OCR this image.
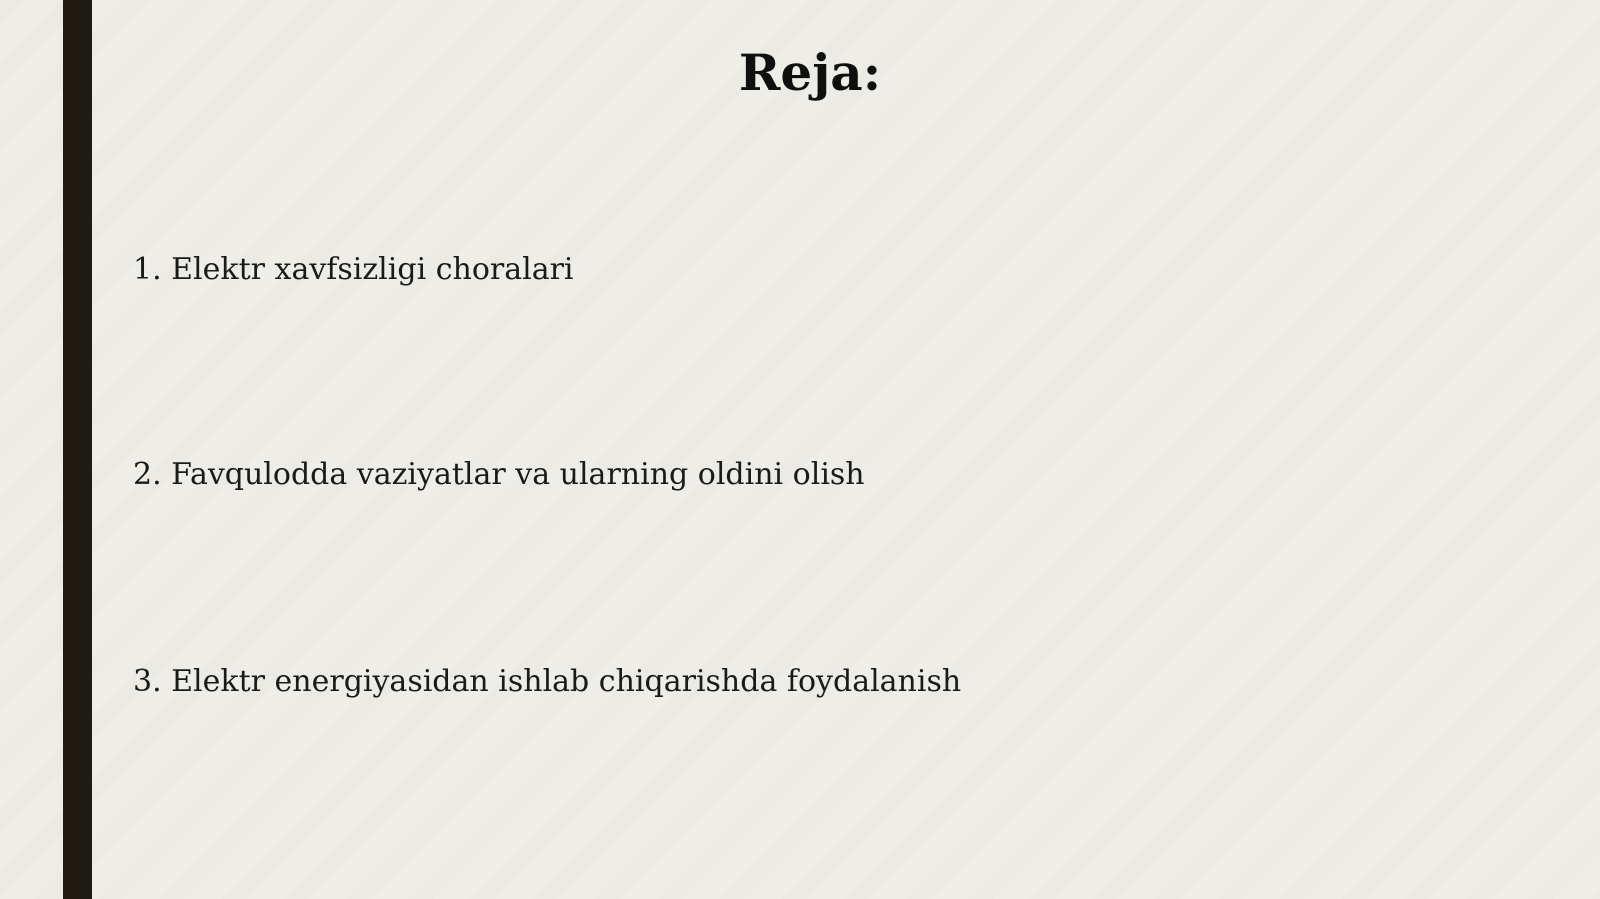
Reja:

1. Elektr xavfsizligi choralari

2. Favqulodda vaziyatlar va ularning oldini olish

3. Elektr energiyasidan ishlab chiqarishda foydalanish
